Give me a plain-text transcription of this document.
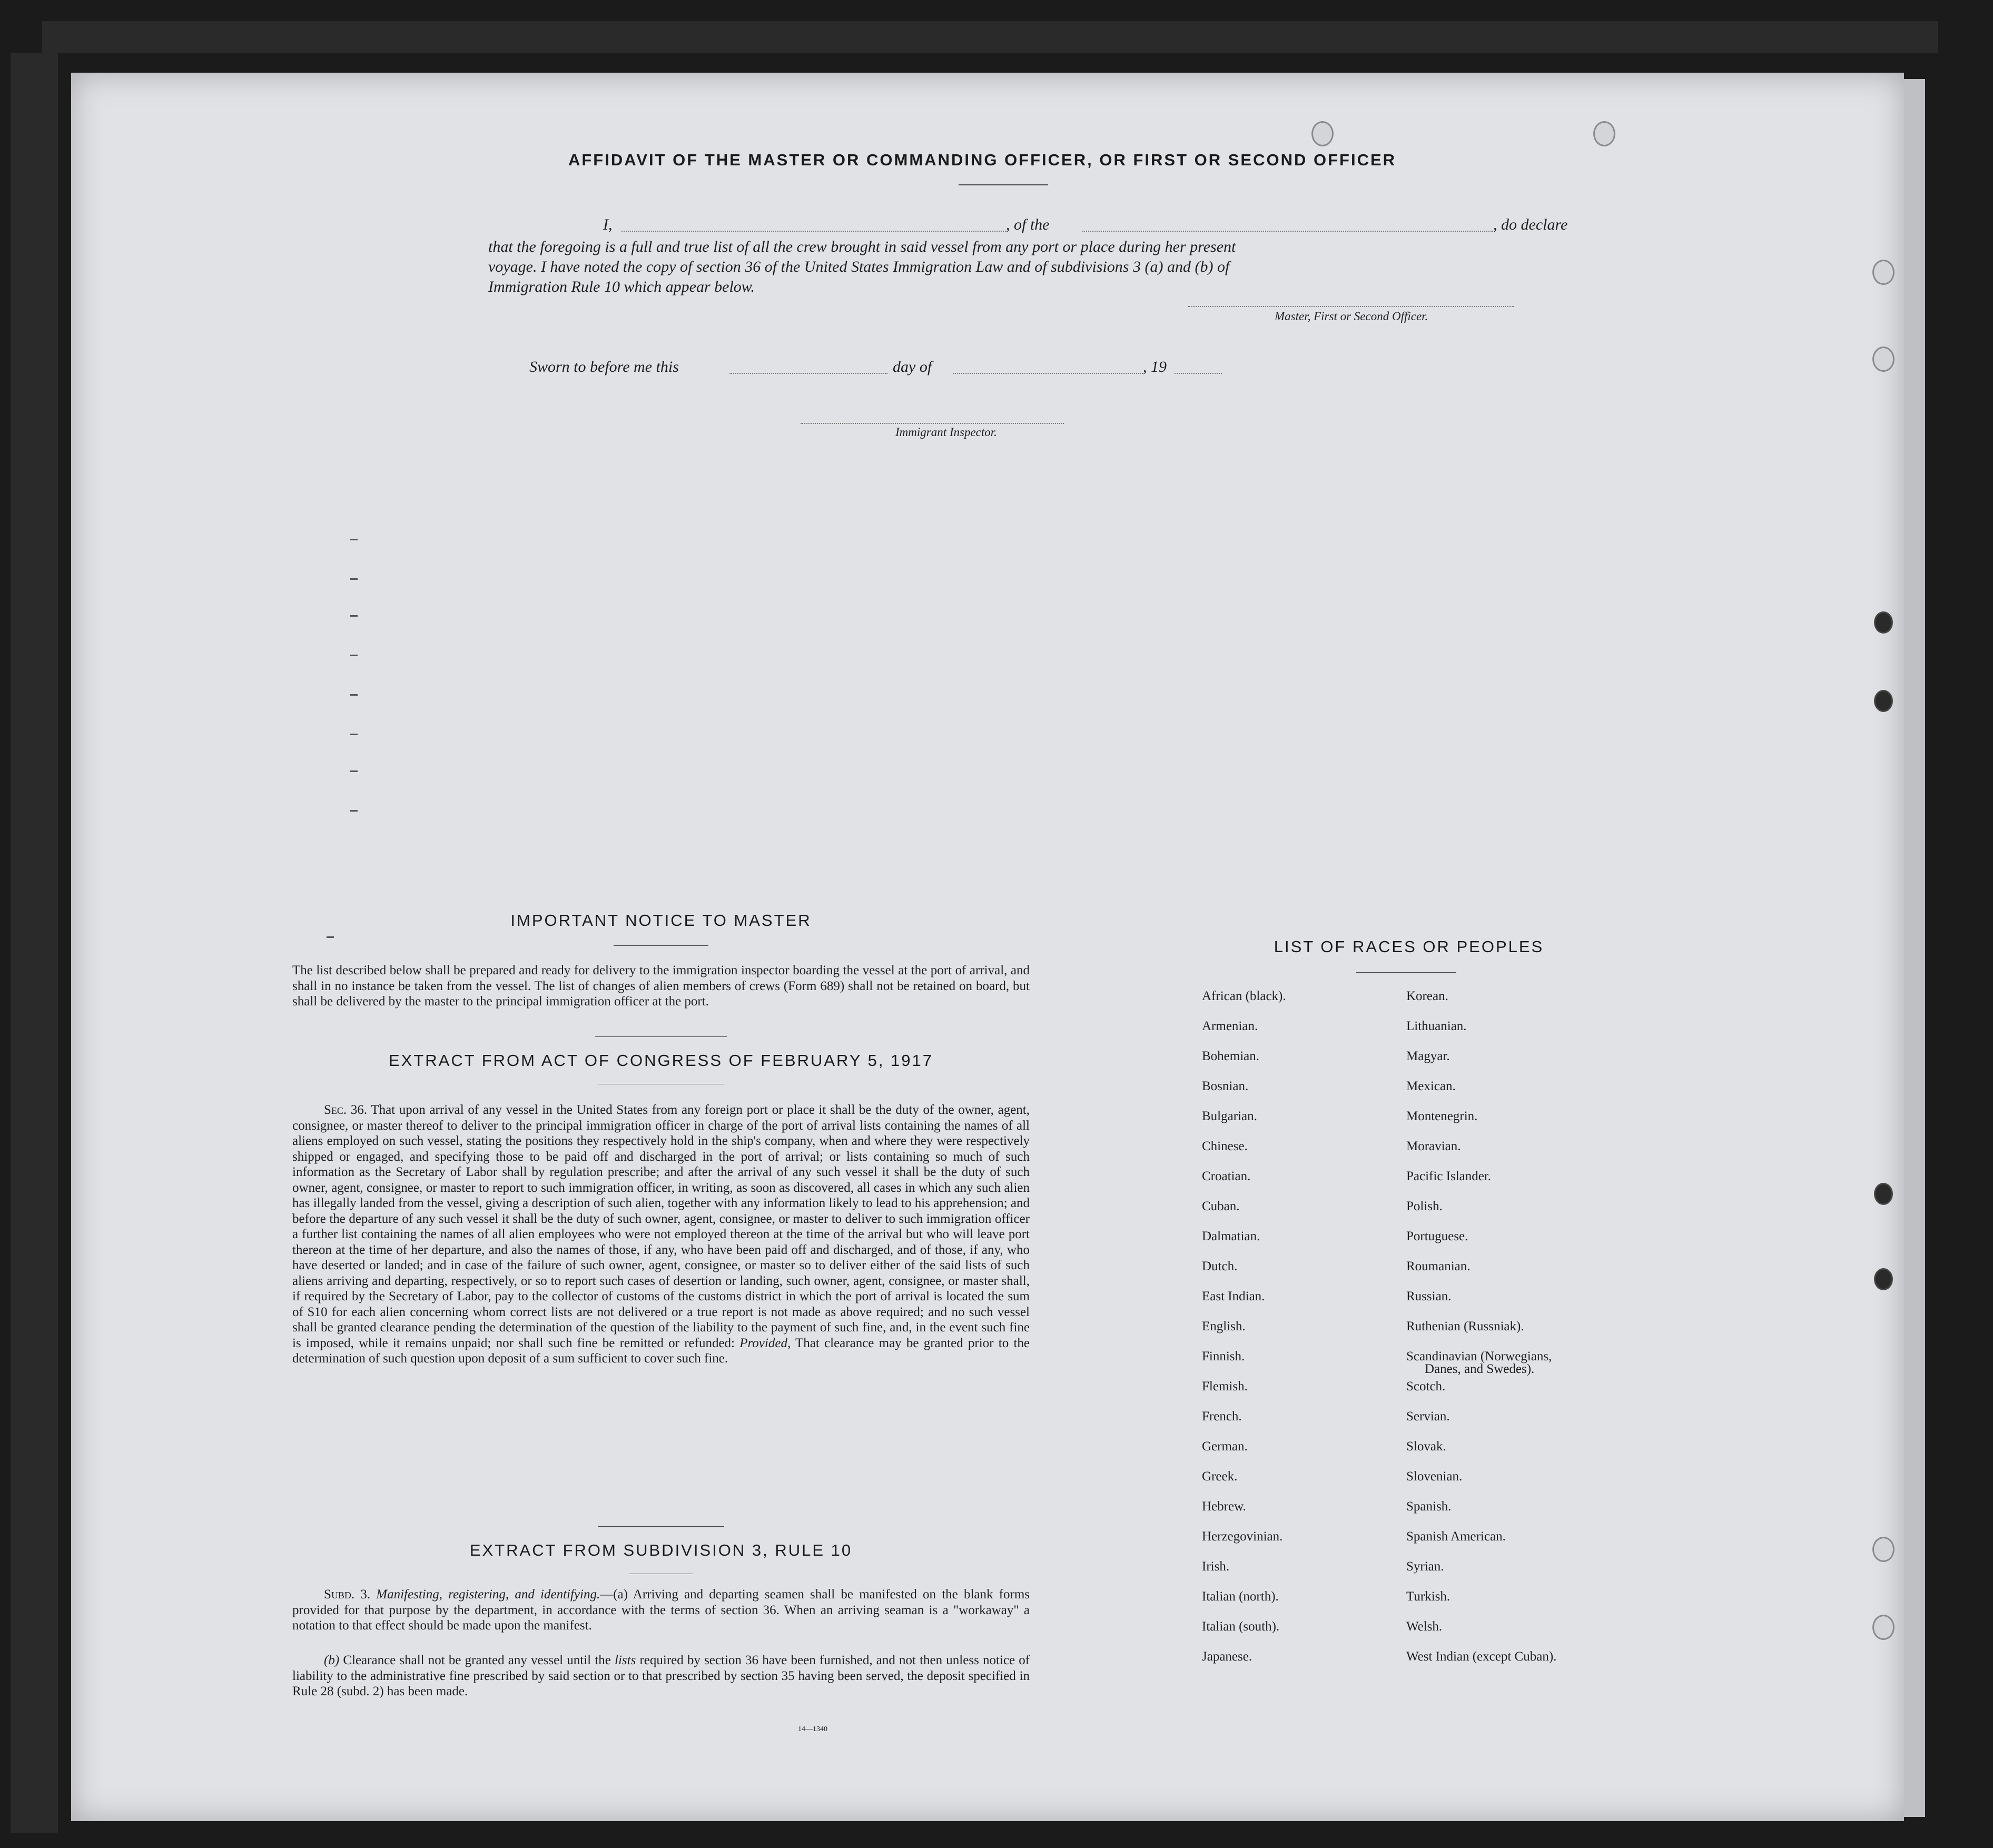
AFFIDAVIT OF THE MASTER OR COMMANDING OFFICER, OR FIRST OR SECOND OFFICER
I,	, of the	, do declare
that the foregoing is a full and true list of all the crew brought in said vessel from any port or place during her present
voyage. I have noted the copy of section 36 of the United States Immigration Law and of subdivisions 3 (a) and (b) of
Immigration Rule 10 which appear below.
Master, First or Second Officer.
Sworn to before me this	day of	, 19
Immigrant Inspector.
IMPORTANT NOTICE TO MASTER
The list described below shall be prepared and ready for delivery to the immigration inspector boarding the vessel at the port of arrival, and shall in no instance be taken from the vessel. The list of changes of alien members of crews (Form 689) shall not be retained on board, but shall be delivered by the master to the principal immigration officer at the port.
EXTRACT FROM ACT OF CONGRESS OF FEBRUARY 5, 1917
Sec. 36. That upon arrival of any vessel in the United States from any foreign port or place it shall be the duty of the owner, agent, consignee, or master thereof to deliver to the principal immigration officer in charge of the port of arrival lists containing the names of all aliens employed on such vessel, stating the positions they respectively hold in the ship's company, when and where they were respectively shipped or engaged, and specifying those to be paid off and discharged in the port of arrival; or lists containing so much of such information as the Secretary of Labor shall by regulation prescribe; and after the arrival of any such vessel it shall be the duty of such owner, agent, consignee, or master to report to such immigration officer, in writing, as soon as discovered, all cases in which any such alien has illegally landed from the vessel, giving a description of such alien, together with any information likely to lead to his apprehension; and before the departure of any such vessel it shall be the duty of such owner, agent, consignee, or master to deliver to such immigration officer a further list containing the names of all alien employees who were not employed thereon at the time of the arrival but who will leave port thereon at the time of her departure, and also the names of those, if any, who have been paid off and discharged, and of those, if any, who have deserted or landed; and in case of the failure of such owner, agent, consignee, or master so to deliver either of the said lists of such aliens arriving and departing, respectively, or so to report such cases of desertion or landing, such owner, agent, consignee, or master shall, if required by the Secretary of Labor, pay to the collector of customs of the customs district in which the port of arrival is located the sum of $10 for each alien concerning whom correct lists are not delivered or a true report is not made as above required; and no such vessel shall be granted clearance pending the determination of the question of the liability to the payment of such fine, and, in the event such fine is imposed, while it remains unpaid; nor shall such fine be remitted or refunded: Provided, That clearance may be granted prior to the determination of such question upon deposit of a sum sufficient to cover such fine.
EXTRACT FROM SUBDIVISION 3, RULE 10
Subd. 3. Manifesting, registering, and identifying.—(a) Arriving and departing seamen shall be manifested on the blank forms provided for that purpose by the department, in accordance with the terms of section 36. When an arriving seaman is a "workaway" a notation to that effect should be made upon the manifest.
(b) Clearance shall not be granted any vessel until the lists required by section 36 have been furnished, and not then unless notice of liability to the administrative fine prescribed by said section or to that prescribed by section 35 having been served, the deposit specified in Rule 28 (subd. 2) has been made.
14—1340
LIST OF RACES OR PEOPLES
African (black).
Armenian.
Bohemian.
Bosnian.
Bulgarian.
Chinese.
Croatian.
Cuban.
Dalmatian.
Dutch.
East Indian.
English.
Finnish.
Flemish.
French.
German.
Greek.
Hebrew.
Herzegovinian.
Irish.
Italian (north).
Italian (south).
Japanese.
Korean.
Lithuanian.
Magyar.
Mexican.
Montenegrin.
Moravian.
Pacific Islander.
Polish.
Portuguese.
Roumanian.
Russian.
Ruthenian (Russniak).
Scandinavian (Norwegians,
Danes, and Swedes).
Scotch.
Servian.
Slovak.
Slovenian.
Spanish.
Spanish American.
Syrian.
Turkish.
Welsh.
West Indian (except Cuban).
